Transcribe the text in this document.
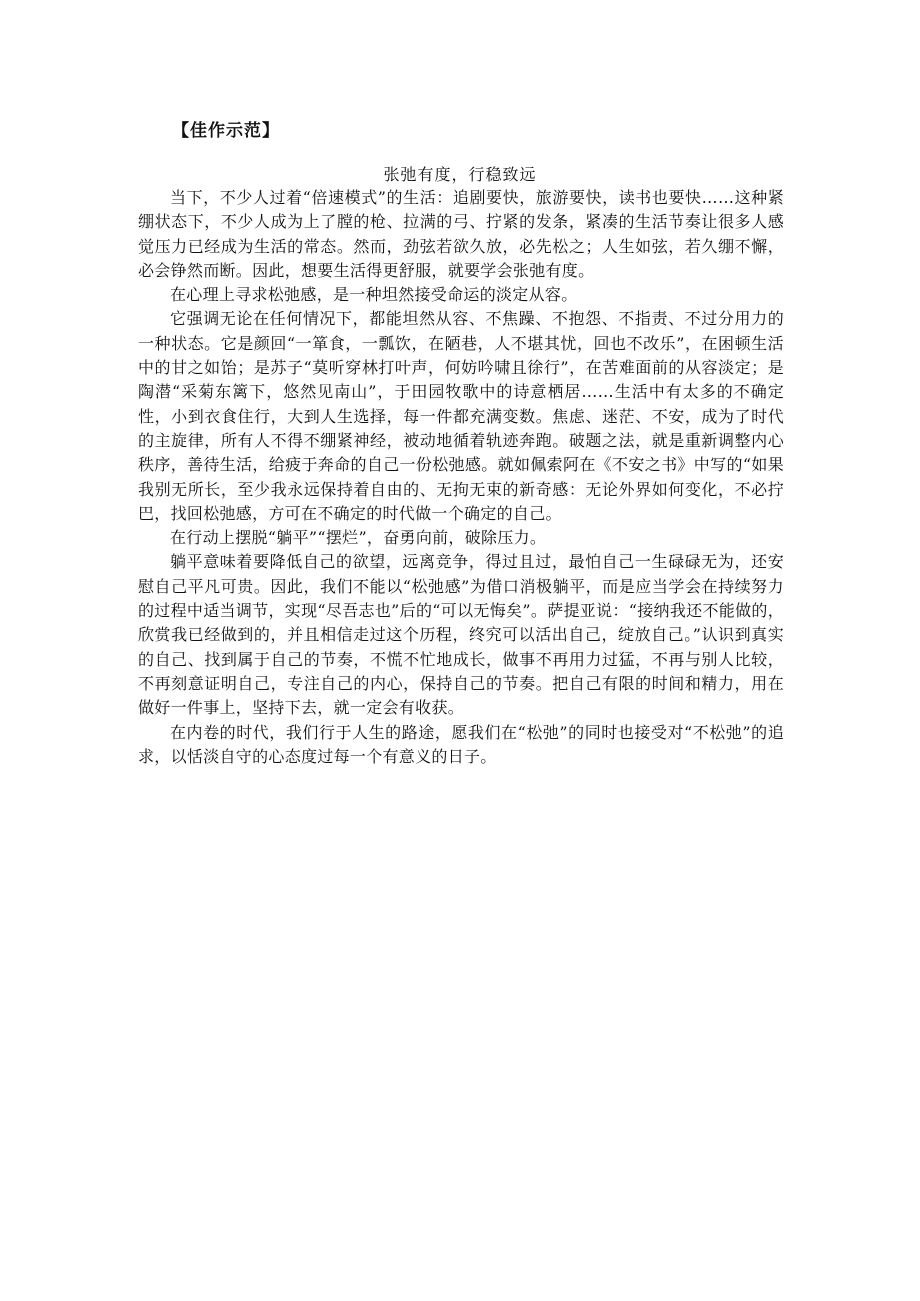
【佳作示范】
张弛有度，行稳致远

当下，不少人过着“倍速模式”的生活：追剧要快，旅游要快，读书也要快……这种紧绷状态下，不少人成为上了膛的枪、拉满的弓、拧紧的发条，紧凑的生活节奏让很多人感觉压力已经成为生活的常态。然而，劲弦若欲久放，必先松之；人生如弦，若久绷不懈，必会铮然而断。因此，想要生活得更舒服，就要学会张弛有度。

在心理上寻求松弛感，是一种坦然接受命运的淡定从容。

它强调无论在任何情况下，都能坦然从容、不焦躁、不抱怨、不指责、不过分用力的一种状态。它是颜回“一箪食，一瓢饮，在陋巷，人不堪其忧，回也不改乐”，在困顿生活中的甘之如饴；是苏子“莫听穿林打叶声，何妨吟啸且徐行”，在苦难面前的从容淡定；是陶潜“采菊东篱下，悠然见南山”，于田园牧歌中的诗意栖居……生活中有太多的不确定性，小到衣食住行，大到人生选择，每一件都充满变数。焦虑、迷茫、不安，成为了时代的主旋律，所有人不得不绷紧神经，被动地循着轨迹奔跑。破题之法，就是重新调整内心秩序，善待生活，给疲于奔命的自己一份松弛感。就如佩索阿在《不安之书》中写的“如果我别无所长，至少我永远保持着自由的、无拘无束的新奇感：无论外界如何变化，不必拧巴，找回松弛感，方可在不确定的时代做一个确定的自己。

在行动上摆脱“躺平”“摆烂”，奋勇向前，破除压力。

躺平意味着要降低自己的欲望，远离竞争，得过且过，最怕自己一生碌碌无为，还安慰自己平凡可贵。因此，我们不能以“松弛感”为借口消极躺平，而是应当学会在持续努力的过程中适当调节，实现“尽吾志也”后的“可以无悔矣”。萨提亚说：“接纳我还不能做的，欣赏我已经做到的，并且相信走过这个历程，终究可以活出自己，绽放自己。”认识到真实的自己、找到属于自己的节奏，不慌不忙地成长，做事不再用力过猛，不再与别人比较，不再刻意证明自己，专注自己的内心，保持自己的节奏。把自己有限的时间和精力，用在做好一件事上，坚持下去，就一定会有收获。

在内卷的时代，我们行于人生的路途，愿我们在“松弛”的同时也接受对“不松弛”的追求，以恬淡自守的心态度过每一个有意义的日子。
